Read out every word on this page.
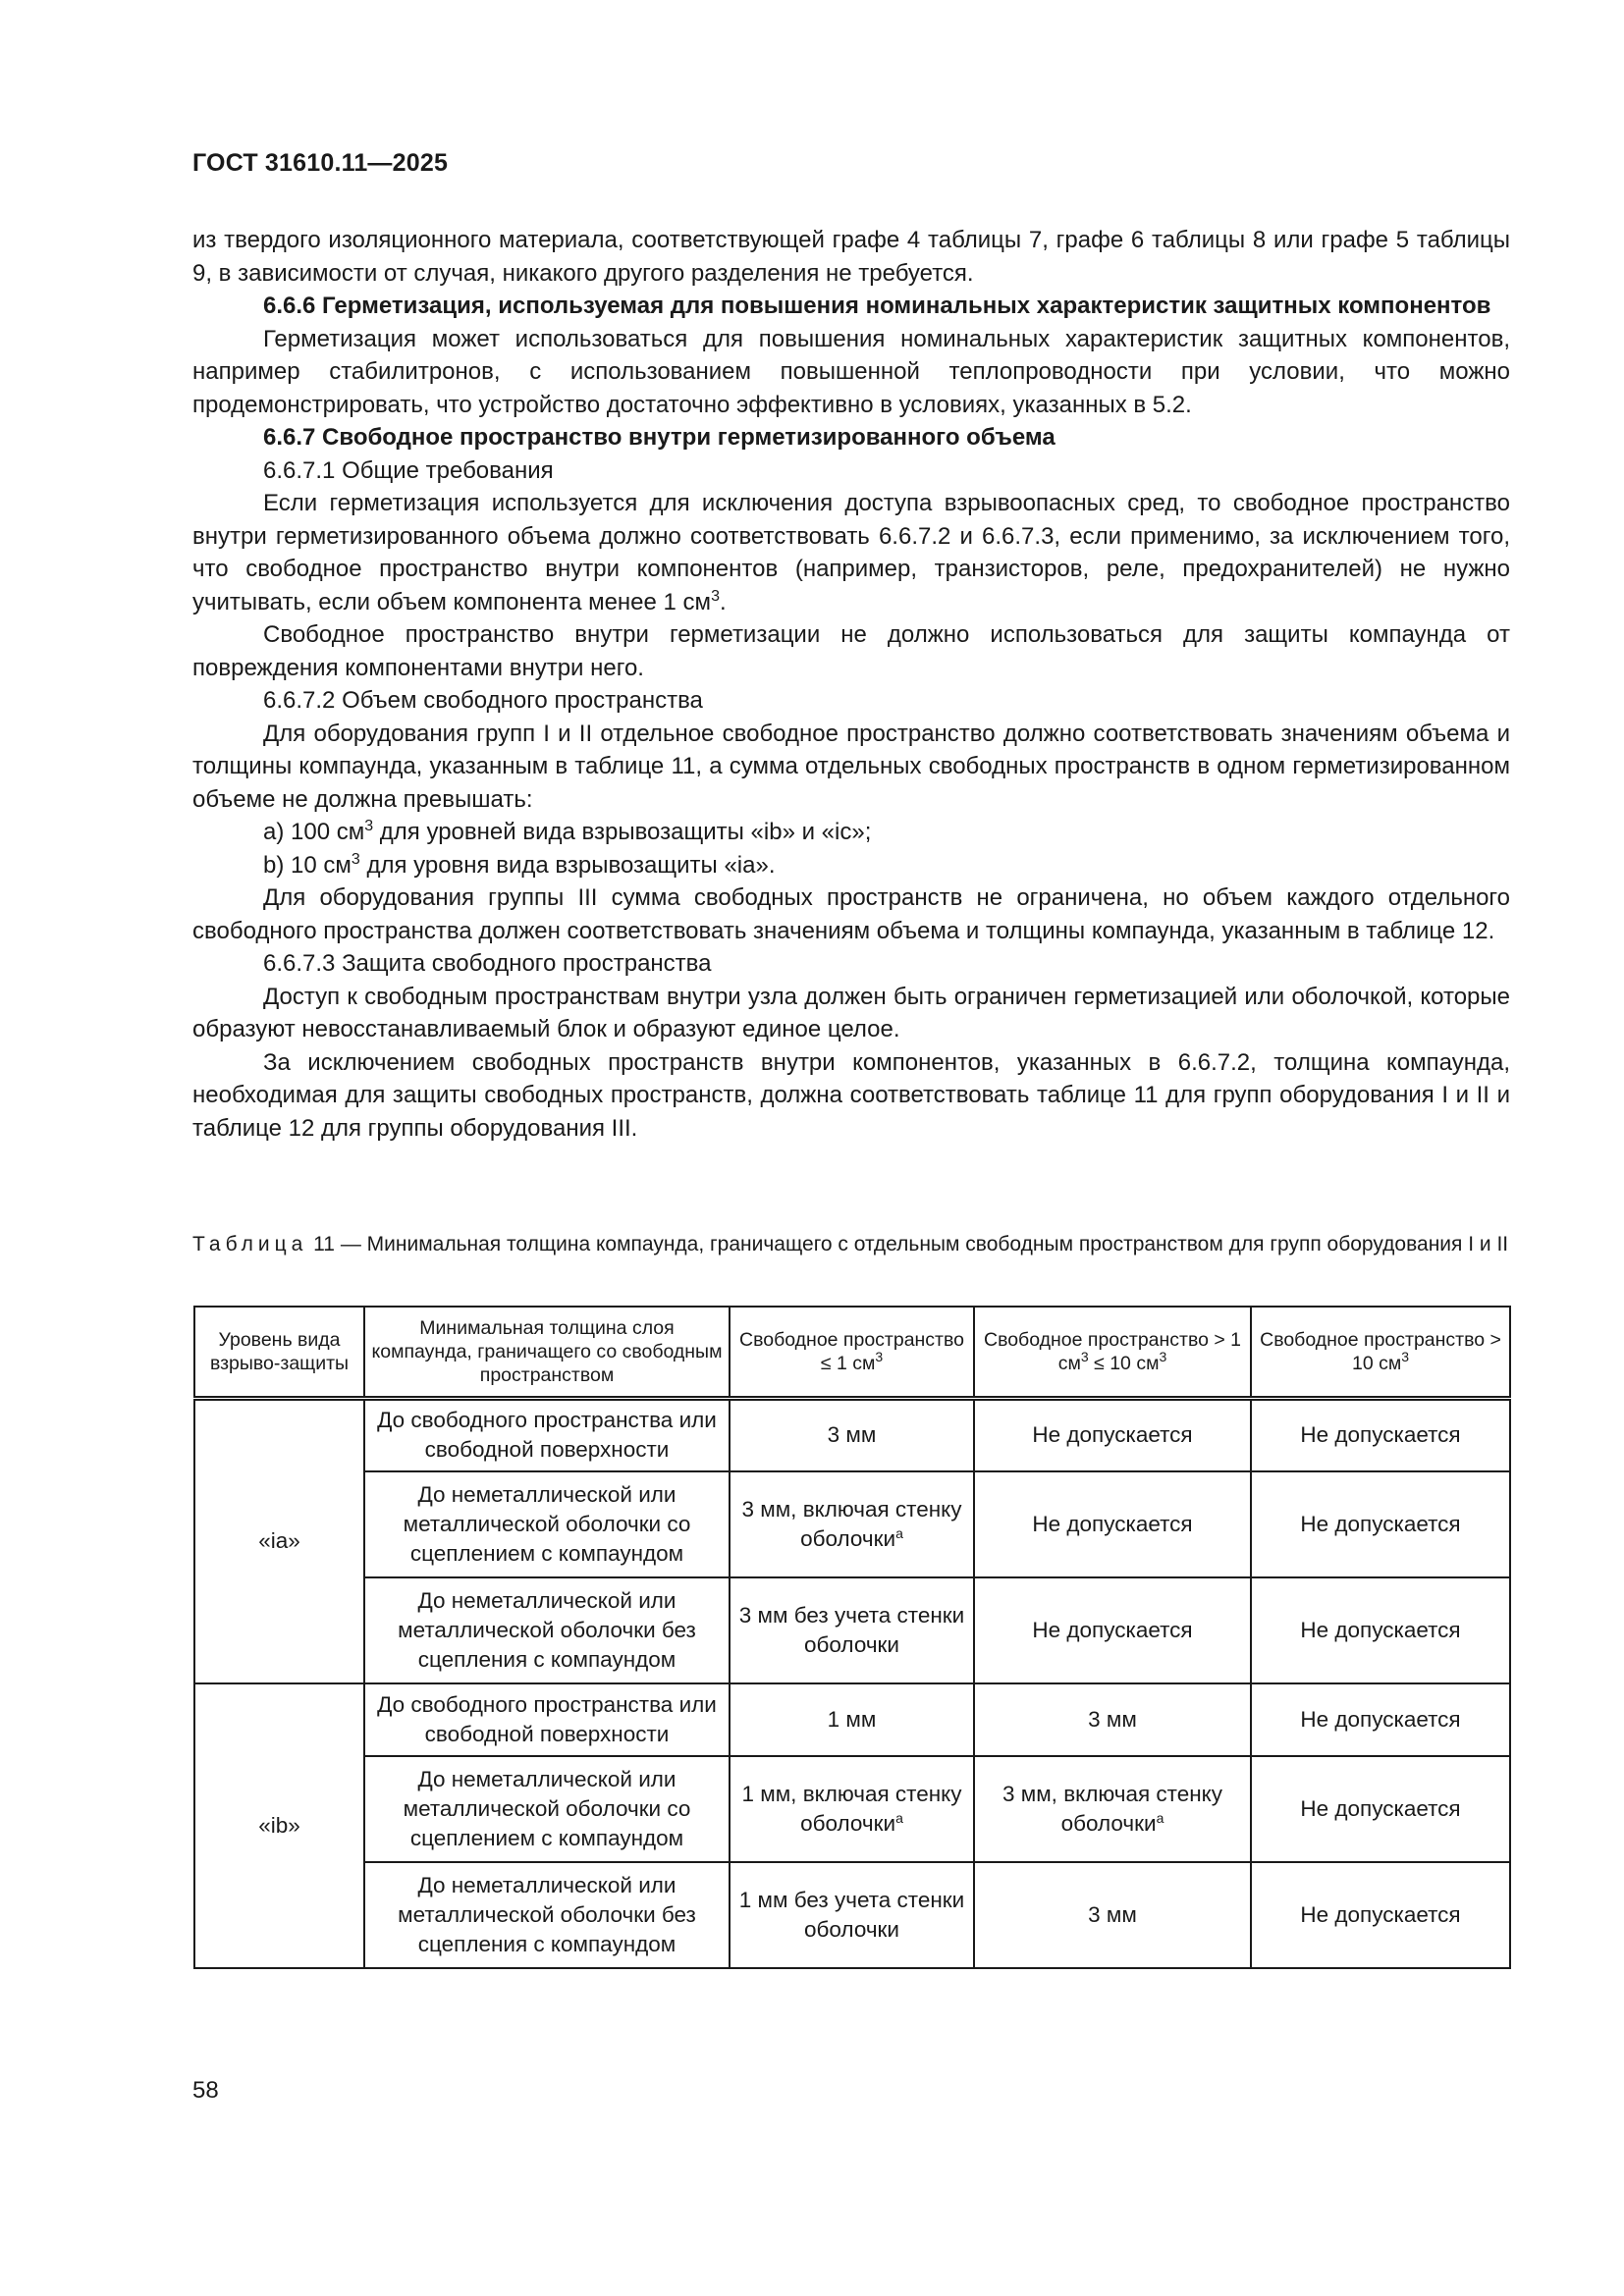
ГОСТ 31610.11—2025

из твердого изоляционного материала, соответствующей графе 4 таблицы 7, графе 6 таблицы 8 или графе 5 таблицы 9, в зависимости от случая, никакого другого разделения не требуется.

6.6.6 Герметизация, используемая для повышения номинальных характеристик защитных компонентов

Герметизация может использоваться для повышения номинальных характеристик защитных компонентов, например стабилитронов, с использованием повышенной теплопроводности при условии, что можно продемонстрировать, что устройство достаточно эффективно в условиях, указанных в 5.2.

6.6.7 Свободное пространство внутри герметизированного объема

6.6.7.1 Общие требования

Если герметизация используется для исключения доступа взрывоопасных сред, то свободное пространство внутри герметизированного объема должно соответствовать 6.6.7.2 и 6.6.7.3, если применимо, за исключением того, что свободное пространство внутри компонентов (например, транзисторов, реле, предохранителей) не нужно учитывать, если объем компонента менее 1 $см^3$.

Свободное пространство внутри герметизации не должно использоваться для защиты компаунда от повреждения компонентами внутри него.

6.6.7.2 Объем свободного пространства

Для оборудования групп I и II отдельное свободное пространство должно соответствовать значениям объема и толщины компаунда, указанным в таблице 11, а сумма отдельных свободных пространств в одном герметизированном объеме не должна превышать:

a) 100 $см^3$ для уровней вида взрывозащиты «ib» и «ic»;

b) 10 $см^3$ для уровня вида взрывозащиты «ia».

Для оборудования группы III сумма свободных пространств не ограничена, но объем каждого отдельного свободного пространства должен соответствовать значениям объема и толщины компаунда, указанным в таблице 12.

6.6.7.3 Защита свободного пространства

Доступ к свободным пространствам внутри узла должен быть ограничен герметизацией или оболочкой, которые образуют невосстанавливаемый блок и образуют единое целое.

За исключением свободных пространств внутри компонентов, указанных в 6.6.7.2, толщина компаунда, необходимая для защиты свободных пространств, должна соответствовать таблице 11 для групп оборудования I и II и таблице 12 для группы оборудования III.

Таблица 11 — Минимальная толщина компаунда, граничащего с отдельным свободным пространством для групп оборудования I и II
Уровень вида взрыво-защиты	Минимальная толщина слоя компаунда, граничащего со свободным пространством	Свободное пространство ≤ 1 $см^3$	Свободное пространство > 1 $см^3 \le 10$ $см^3$	Свободное пространство > 10 $см^3$
«ia»	До свободного пространства или свободной поверхности	3 мм	Не допускается	Не допускается
	До неметаллической или металлической оболочки со сцеплением с компаундом	3 мм, включая стенку оболочки$^a$	Не допускается	Не допускается
	До неметаллической или металлической оболочки без сцепления с компаундом	3 мм без учета стенки оболочки	Не допускается	Не допускается
«ib»	До свободного пространства или свободной поверхности	1 мм	3 мм	Не допускается
	До неметаллической или металлической оболочки со сцеплением с компаундом	1 мм, включая стенку оболочки$^a$	3 мм, включая стенку оболочки$^a$	Не допускается
	До неметаллической или металлической оболочки без сцепления с компаундом	1 мм без учета стенки оболочки	3 мм	Не допускается
58
